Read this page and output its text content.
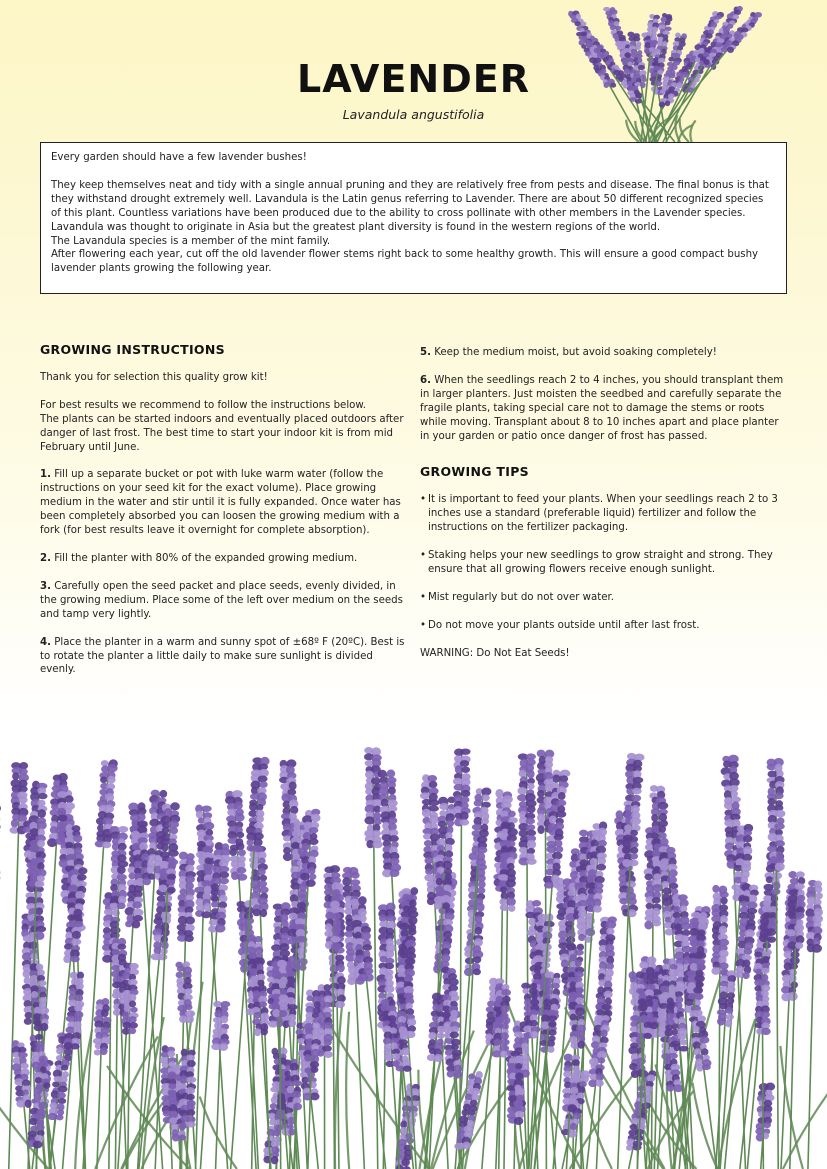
LAVENDER

Lavandula angustifolia

Every garden should have a few lavender bushes!

They keep themselves neat and tidy with a single annual pruning and they are relatively free from pests and disease. The final bonus is that they withstand drought extremely well. Lavandula is the Latin genus referring to Lavender. There are about 50 different recognized species of this plant. Countless variations have been produced due to the ability to cross pollinate with other members in the Lavender species. Lavandula was thought to originate in Asia but the greatest plant diversity is found in the western regions of the world.

The Lavandula species is a member of the mint family.

After flowering each year, cut off the old lavender flower stems right back to some healthy growth. This will ensure a good compact bushy lavender plants growing the following year.

GROWING INSTRUCTIONS

Thank you for selection this quality grow kit!

For best results we recommend to follow the instructions below.
The plants can be started indoors and eventually placed outdoors after danger of last frost. The best time to start your indoor kit is from mid February until June.

1. Fill up a separate bucket or pot with luke warm water (follow the instructions on your seed kit for the exact volume). Place growing medium in the water and stir until it is fully expanded. Once water has been completely absorbed you can loosen the growing medium with a fork (for best results leave it overnight for complete absorption).

2. Fill the planter with 80% of the expanded growing medium.

3. Carefully open the seed packet and place seeds, evenly divided, in the growing medium. Place some of the left over medium on the seeds and tamp very lightly.

4. Place the planter in a warm and sunny spot of ±68º F (20ºC). Best is to rotate the planter a little daily to make sure sunlight is divided evenly.

5. Keep the medium moist, but avoid soaking completely!

6. When the seedlings reach 2 to 4 inches, you should transplant them in larger planters. Just moisten the seedbed and carefully separate the fragile plants, taking special care not to damage the stems or roots while moving. Transplant about 8 to 10 inches apart and place planter in your garden or patio once danger of frost has passed.

GROWING TIPS
• It is important to feed your plants. When your seedlings reach 2 to 3 inches use a standard (preferable liquid) fertilizer and follow the instructions on the fertilizer packaging.
• Staking helps your new seedlings to grow straight and strong. They ensure that all growing flowers receive enough sunlight.
• Mist regularly but do not over water.
• Do not move your plants outside until after last frost.

WARNING: Do Not Eat Seeds!
